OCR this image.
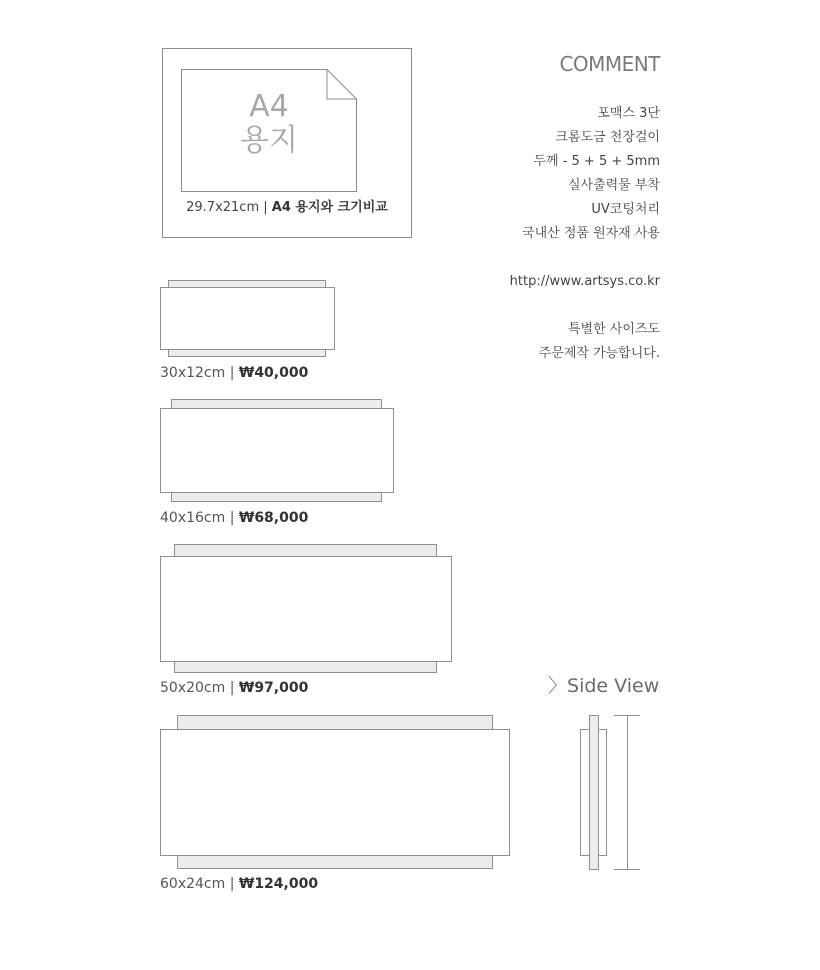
A4
용지
29.7x21cm | A4 용지와 크기비교
COMMENT
포맥스 3단
크롬도금 천장걸이
두께 - 5 + 5 + 5mm
실사출력물 부착
UV코팅처리
국내산 정품 원자재 사용
http://www.artsys.co.kr
특별한 사이즈도
주문제작 가능합니다.
30x12cm | ₩40,000
40x16cm | ₩68,000
50x20cm | ₩97,000
60x24cm | ₩124,000
〉Side View
